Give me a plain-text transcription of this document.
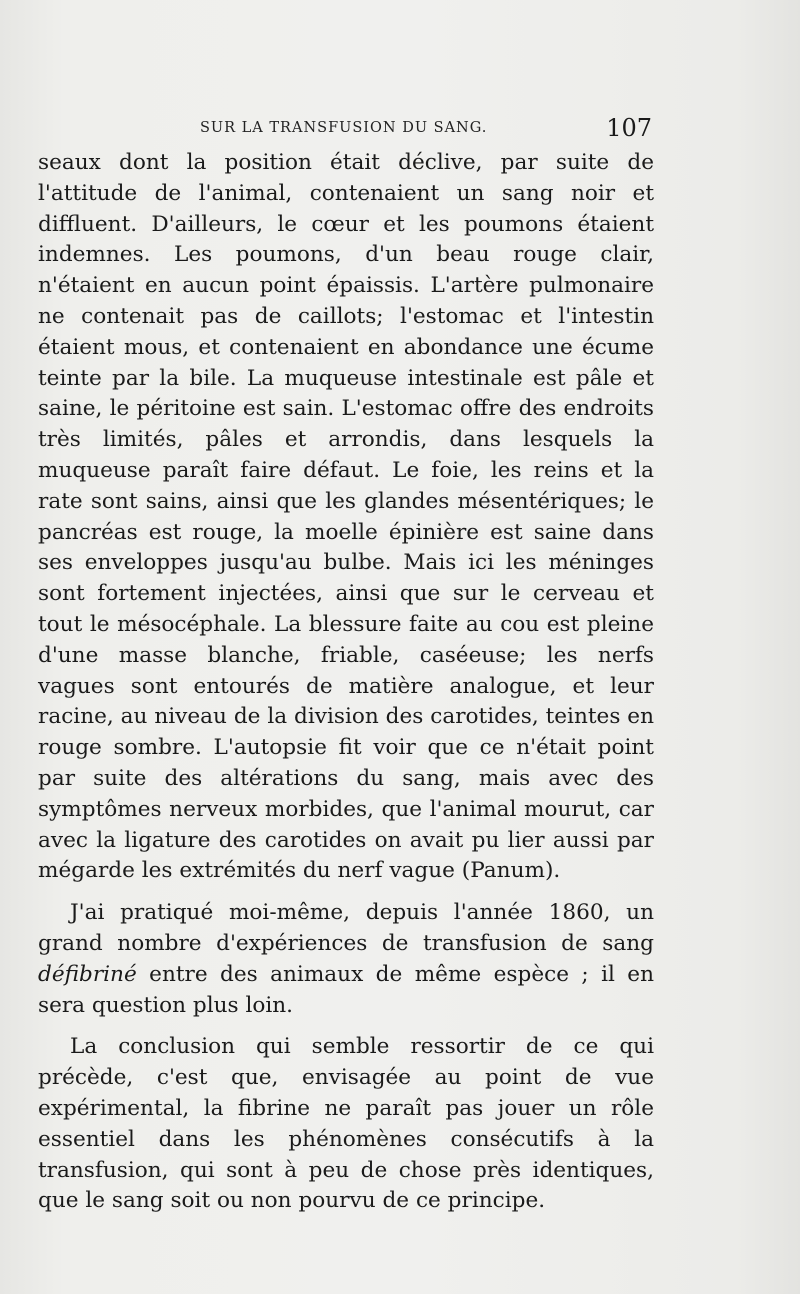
SUR LA TRANSFUSION DU SANG.	107

seaux dont la position était déclive, par suite de l'attitude de l'animal, contenaient un sang noir et diffluent. D'ailleurs, le cœur et les poumons étaient indemnes. Les poumons, d'un beau rouge clair, n'étaient en aucun point épaissis. L'artère pulmonaire ne contenait pas de caillots; l'estomac et l'intestin étaient mous, et contenaient en abondance une écume teinte par la bile. La muqueuse intestinale est pâle et saine, le péritoine est sain. L'estomac offre des endroits très limités, pâles et arrondis, dans lesquels la muqueuse paraît faire défaut. Le foie, les reins et la rate sont sains, ainsi que les glandes mésentériques; le pancréas est rouge, la moelle épinière est saine dans ses enveloppes jusqu'au bulbe. Mais ici les méninges sont fortement injectées, ainsi que sur le cerveau et tout le mésocéphale. La blessure faite au cou est pleine d'une masse blanche, friable, caséeuse; les nerfs vagues sont entourés de matière analogue, et leur racine, au niveau de la division des carotides, teintes en rouge sombre. L'autopsie fit voir que ce n'était point par suite des altérations du sang, mais avec des symptômes nerveux morbides, que l'animal mourut, car avec la ligature des carotides on avait pu lier aussi par mégarde les extrémités du nerf vague (Panum).

J'ai pratiqué moi-même, depuis l'année 1860, un grand nombre d'expériences de transfusion de sang défibriné entre des animaux de même espèce ; il en sera question plus loin.

La conclusion qui semble ressortir de ce qui précède, c'est que, envisagée au point de vue expérimental, la fibrine ne paraît pas jouer un rôle essentiel dans les phénomènes consécutifs à la transfusion, qui sont à peu de chose près identiques, que le sang soit ou non pourvu de ce principe.
